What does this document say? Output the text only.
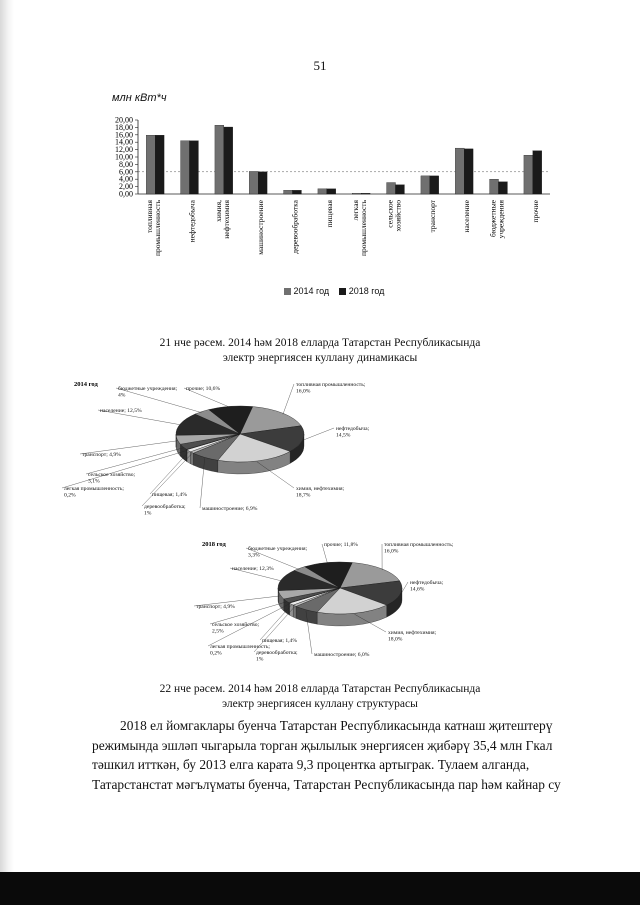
51
млн кВт*ч
0,00
2,00
4,00
6,00
8,00
10,00
12,00
14,00
16,00
18,00
20,00
топливная промышленность	нефтедобыча химия, нефтехимия	машиностроение	деревообработка	пищевая легкая промышленность сельское хозяйство	транспорт	население бюджетные учреждения	прочие
2014 год 2018 год
21 нче рәсем. 2014 һәм 2018 елларда Татарстан Республикасында
электр энергиясен куллану динамикасы
2014 год	топливная промышленность;
16,0%
нефтедобыча;
14,5%
химия, нефтехимия;
18,7%
машиностроение; 6,9%
деревообработка;
1%
пищевая; 1,4%
легкая промышленность;
0,2%
сельское хозяйство;
3,1%
транспорт; 4,9%
население; 12,5%
бюджетные учреждения;
4%
прочие; 10,6%
2018 год	топливная промышленность;
16,0%
нефтедобыча;
14,6%
химия, нефтехимия;
18,0%
машиностроение; 6,0%
деревообработка;
1%
пищевая; 1,4%
легкая промышленность;
0,2%
сельское хозяйство;
2,5%
транспорт; 4,9%
население; 12,3%
бюджетные учреждения;
3,3%
прочие; 11,8%
22 нче рәсем. 2014 һәм 2018 елларда Татарстан Республикасында
электр энергиясен куллану структурасы
2018 ел йомгаклары буенча Татарстан Республикасында катнаш җитештерү
режимында эшләп чыгарыла торган җылылык энергиясен җибәрү 35,4 млн Гкал
тәшкил итткән, бу 2013 елга карата 9,3 процентка артыграк. Тулаем алганда,
Татарстанстат мәгълүматы буенча, Татарстан Республикасында пар һәм кайнар су
